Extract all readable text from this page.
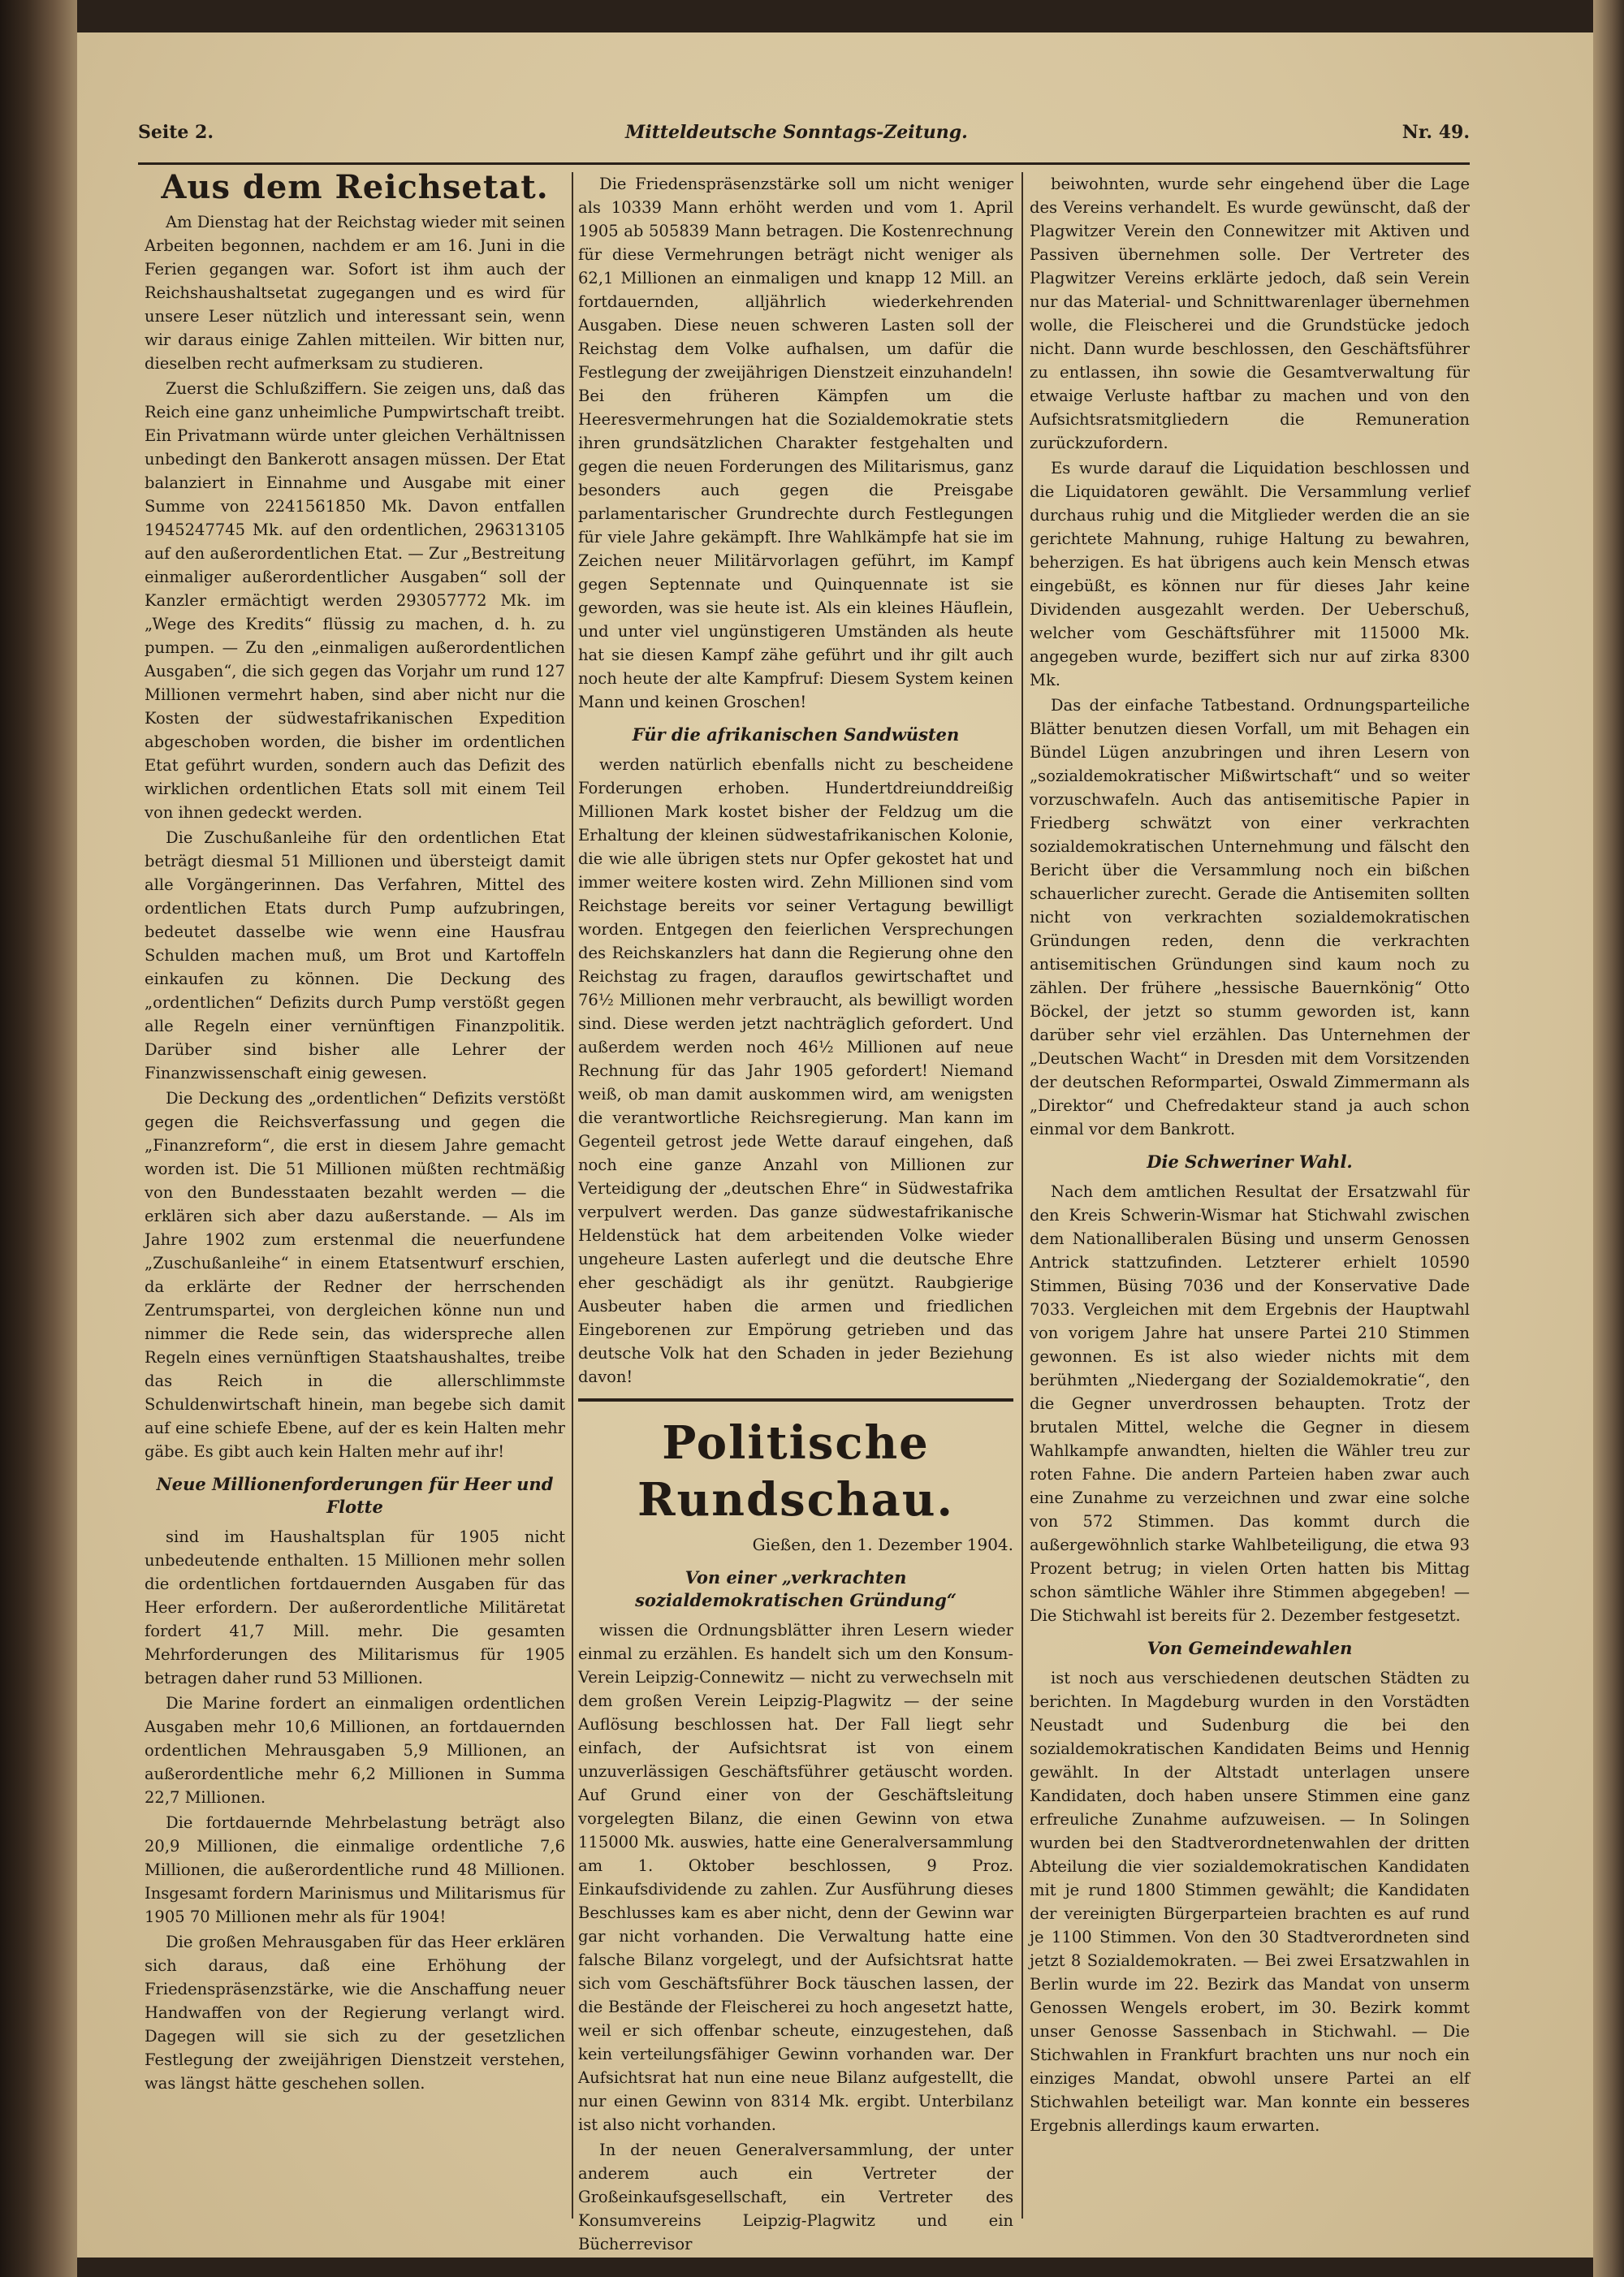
Seite 2.	Mitteldeutsche Sonntags-Zeitung.	Nr. 49.
Aus dem Reichsetat.

Am Dienstag hat der Reichstag wieder mit seinen Arbeiten begonnen, nachdem er am 16. Juni in die Ferien gegangen war. Sofort ist ihm auch der Reichshaushaltsetat zugegangen und es wird für unsere Leser nützlich und interessant sein, wenn wir daraus einige Zahlen mitteilen. Wir bitten nur, dieselben recht aufmerksam zu studieren.

Zuerst die Schlußziffern. Sie zeigen uns, daß das Reich eine ganz unheimliche Pumpwirtschaft treibt. Ein Privatmann würde unter gleichen Verhältnissen unbedingt den Bankerott ansagen müssen. Der Etat balanziert in Einnahme und Ausgabe mit einer Summe von 2241561850 Mk. Davon entfallen 1945247745 Mk. auf den ordentlichen, 296313105 auf den außerordentlichen Etat. — Zur „Bestreitung einmaliger außerordentlicher Ausgaben“ soll der Kanzler ermächtigt werden 293057772 Mk. im „Wege des Kredits“ flüssig zu machen, d. h. zu pumpen. — Zu den „einmaligen außerordentlichen Ausgaben“, die sich gegen das Vorjahr um rund 127 Millionen vermehrt haben, sind aber nicht nur die Kosten der südwestafrikanischen Expedition abgeschoben worden, die bisher im ordentlichen Etat geführt wurden, sondern auch das Defizit des wirklichen ordentlichen Etats soll mit einem Teil von ihnen gedeckt werden.

Die Zuschußanleihe für den ordentlichen Etat beträgt diesmal 51 Millionen und übersteigt damit alle Vorgängerinnen. Das Verfahren, Mittel des ordentlichen Etats durch Pump aufzubringen, bedeutet dasselbe wie wenn eine Hausfrau Schulden machen muß, um Brot und Kartoffeln einkaufen zu können. Die Deckung des „ordentlichen“ Defizits durch Pump verstößt gegen alle Regeln einer vernünftigen Finanzpolitik. Darüber sind bisher alle Lehrer der Finanzwissenschaft einig gewesen.

Die Deckung des „ordentlichen“ Defizits verstößt gegen die Reichsverfassung und gegen die „Finanzreform“, die erst in diesem Jahre gemacht worden ist. Die 51 Millionen müßten rechtmäßig von den Bundesstaaten bezahlt werden — die erklären sich aber dazu außerstande. — Als im Jahre 1902 zum erstenmal die neuerfundene „Zuschußanleihe“ in einem Etatsentwurf erschien, da erklärte der Redner der herrschenden Zentrumspartei, von dergleichen könne nun und nimmer die Rede sein, das widerspreche allen Regeln eines vernünftigen Staatshaushaltes, treibe das Reich in die allerschlimmste Schuldenwirtschaft hinein, man begebe sich damit auf eine schiefe Ebene, auf der es kein Halten mehr gäbe. Es gibt auch kein Halten mehr auf ihr!

Neue Millionenforderungen für Heer und Flotte

sind im Haushaltsplan für 1905 nicht unbedeutende enthalten. 15 Millionen mehr sollen die ordentlichen fortdauernden Ausgaben für das Heer erfordern. Der außerordentliche Militäretat fordert 41,7 Mill. mehr. Die gesamten Mehrforderungen des Militarismus für 1905 betragen daher rund 53 Millionen.

Die Marine fordert an einmaligen ordentlichen Ausgaben mehr 10,6 Millionen, an fortdauernden ordentlichen Mehrausgaben 5,9 Millionen, an außerordentliche mehr 6,2 Millionen in Summa 22,7 Millionen.

Die fortdauernde Mehrbelastung beträgt also 20,9 Millionen, die einmalige ordentliche 7,6 Millionen, die außerordentliche rund 48 Millionen. Insgesamt fordern Marinismus und Militarismus für 1905 70 Millionen mehr als für 1904!

Die großen Mehrausgaben für das Heer erklären sich daraus, daß eine Erhöhung der Friedenspräsenzstärke, wie die Anschaffung neuer Handwaffen von der Regierung verlangt wird. Dagegen will sie sich zu der gesetzlichen Festlegung der zweijährigen Dienstzeit verstehen, was längst hätte geschehen sollen.

Die Friedenspräsenzstärke soll um nicht weniger als 10339 Mann erhöht werden und vom 1. April 1905 ab 505839 Mann betragen. Die Kostenrechnung für diese Vermehrungen beträgt nicht weniger als 62,1 Millionen an einmaligen und knapp 12 Mill. an fortdauernden, alljährlich wiederkehrenden Ausgaben. Diese neuen schweren Lasten soll der Reichstag dem Volke aufhalsen, um dafür die Festlegung der zweijährigen Dienstzeit einzuhandeln! Bei den früheren Kämpfen um die Heeresvermehrungen hat die Sozialdemokratie stets ihren grundsätzlichen Charakter festgehalten und gegen die neuen Forderungen des Militarismus, ganz besonders auch gegen die Preisgabe parlamentarischer Grundrechte durch Festlegungen für viele Jahre gekämpft. Ihre Wahlkämpfe hat sie im Zeichen neuer Militärvorlagen geführt, im Kampf gegen Septennate und Quinquennate ist sie geworden, was sie heute ist. Als ein kleines Häuflein, und unter viel ungünstigeren Umständen als heute hat sie diesen Kampf zähe geführt und ihr gilt auch noch heute der alte Kampfruf: Diesem System keinen Mann und keinen Groschen!

Für die afrikanischen Sandwüsten

werden natürlich ebenfalls nicht zu bescheidene Forderungen erhoben. Hundertdreiunddreißig Millionen Mark kostet bisher der Feldzug um die Erhaltung der kleinen südwestafrikanischen Kolonie, die wie alle übrigen stets nur Opfer gekostet hat und immer weitere kosten wird. Zehn Millionen sind vom Reichstage bereits vor seiner Vertagung bewilligt worden. Entgegen den feierlichen Versprechungen des Reichskanzlers hat dann die Regierung ohne den Reichstag zu fragen, darauflos gewirtschaftet und 76½ Millionen mehr verbraucht, als bewilligt worden sind. Diese werden jetzt nachträglich gefordert. Und außerdem werden noch 46½ Millionen auf neue Rechnung für das Jahr 1905 gefordert! Niemand weiß, ob man damit auskommen wird, am wenigsten die verantwortliche Reichsregierung. Man kann im Gegenteil getrost jede Wette darauf eingehen, daß noch eine ganze Anzahl von Millionen zur Verteidigung der „deutschen Ehre“ in Südwestafrika verpulvert werden. Das ganze südwestafrikanische Heldenstück hat dem arbeitenden Volke wieder ungeheure Lasten auferlegt und die deutsche Ehre eher geschädigt als ihr genützt. Raubgierige Ausbeuter haben die armen und friedlichen Eingeborenen zur Empörung getrieben und das deutsche Volk hat den Schaden in jeder Beziehung davon!

Politische Rundschau.
Gießen, den 1. Dezember 1904.
Von einer „verkrachten sozialdemokratischen Gründung“

wissen die Ordnungsblätter ihren Lesern wieder einmal zu erzählen. Es handelt sich um den Konsum-Verein Leipzig-Connewitz — nicht zu verwechseln mit dem großen Verein Leipzig-Plagwitz — der seine Auflösung beschlossen hat. Der Fall liegt sehr einfach, der Aufsichtsrat ist von einem unzuverlässigen Geschäftsführer getäuscht worden. Auf Grund einer von der Geschäftsleitung vorgelegten Bilanz, die einen Gewinn von etwa 115000 Mk. auswies, hatte eine Generalversammlung am 1. Oktober beschlossen, 9 Proz. Einkaufsdividende zu zahlen. Zur Ausführung dieses Beschlusses kam es aber nicht, denn der Gewinn war gar nicht vorhanden. Die Verwaltung hatte eine falsche Bilanz vorgelegt, und der Aufsichtsrat hatte sich vom Geschäftsführer Bock täuschen lassen, der die Bestände der Fleischerei zu hoch angesetzt hatte, weil er sich offenbar scheute, einzugestehen, daß kein verteilungsfähiger Gewinn vorhanden war. Der Aufsichtsrat hat nun eine neue Bilanz aufgestellt, die nur einen Gewinn von 8314 Mk. ergibt. Unterbilanz ist also nicht vorhanden.

In der neuen Generalversammlung, der unter anderem auch ein Vertreter der Großeinkaufsgesellschaft, ein Vertreter des Konsumvereins Leipzig-Plagwitz und ein Bücherrevisor

beiwohnten, wurde sehr eingehend über die Lage des Vereins verhandelt. Es wurde gewünscht, daß der Plagwitzer Verein den Connewitzer mit Aktiven und Passiven übernehmen solle. Der Vertreter des Plagwitzer Vereins erklärte jedoch, daß sein Verein nur das Material- und Schnittwarenlager übernehmen wolle, die Fleischerei und die Grundstücke jedoch nicht. Dann wurde beschlossen, den Geschäftsführer zu entlassen, ihn sowie die Gesamtverwaltung für etwaige Verluste haftbar zu machen und von den Aufsichtsratsmitgliedern die Remuneration zurückzufordern.

Es wurde darauf die Liquidation beschlossen und die Liquidatoren gewählt. Die Versammlung verlief durchaus ruhig und die Mitglieder werden die an sie gerichtete Mahnung, ruhige Haltung zu bewahren, beherzigen. Es hat übrigens auch kein Mensch etwas eingebüßt, es können nur für dieses Jahr keine Dividenden ausgezahlt werden. Der Ueberschuß, welcher vom Geschäftsführer mit 115000 Mk. angegeben wurde, beziffert sich nur auf zirka 8300 Mk.

Das der einfache Tatbestand. Ordnungsparteiliche Blätter benutzen diesen Vorfall, um mit Behagen ein Bündel Lügen anzubringen und ihren Lesern von „sozialdemokratischer Mißwirtschaft“ und so weiter vorzuschwafeln. Auch das antisemitische Papier in Friedberg schwätzt von einer verkrachten sozialdemokratischen Unternehmung und fälscht den Bericht über die Versammlung noch ein bißchen schauerlicher zurecht. Gerade die Antisemiten sollten nicht von verkrachten sozialdemokratischen Gründungen reden, denn die verkrachten antisemitischen Gründungen sind kaum noch zu zählen. Der frühere „hessische Bauernkönig“ Otto Böckel, der jetzt so stumm geworden ist, kann darüber sehr viel erzählen. Das Unternehmen der „Deutschen Wacht“ in Dresden mit dem Vorsitzenden der deutschen Reformpartei, Oswald Zimmermann als „Direktor“ und Chefredakteur stand ja auch schon einmal vor dem Bankrott.

Die Schweriner Wahl.

Nach dem amtlichen Resultat der Ersatzwahl für den Kreis Schwerin-Wismar hat Stichwahl zwischen dem Nationalliberalen Büsing und unserm Genossen Antrick stattzufinden. Letzterer erhielt 10590 Stimmen, Büsing 7036 und der Konservative Dade 7033. Vergleichen mit dem Ergebnis der Hauptwahl von vorigem Jahre hat unsere Partei 210 Stimmen gewonnen. Es ist also wieder nichts mit dem berühmten „Niedergang der Sozialdemokratie“, den die Gegner unverdrossen behaupten. Trotz der brutalen Mittel, welche die Gegner in diesem Wahlkampfe anwandten, hielten die Wähler treu zur roten Fahne. Die andern Parteien haben zwar auch eine Zunahme zu verzeichnen und zwar eine solche von 572 Stimmen. Das kommt durch die außergewöhnlich starke Wahlbeteiligung, die etwa 93 Prozent betrug; in vielen Orten hatten bis Mittag schon sämtliche Wähler ihre Stimmen abgegeben! — Die Stichwahl ist bereits für 2. Dezember festgesetzt.

Von Gemeindewahlen

ist noch aus verschiedenen deutschen Städten zu berichten. In Magdeburg wurden in den Vorstädten Neustadt und Sudenburg die bei den sozialdemokratischen Kandidaten Beims und Hennig gewählt. In der Altstadt unterlagen unsere Kandidaten, doch haben unsere Stimmen eine ganz erfreuliche Zunahme aufzuweisen. — In Solingen wurden bei den Stadtverordnetenwahlen der dritten Abteilung die vier sozialdemokratischen Kandidaten mit je rund 1800 Stimmen gewählt; die Kandidaten der vereinigten Bürgerparteien brachten es auf rund je 1100 Stimmen. Von den 30 Stadtverordneten sind jetzt 8 Sozialdemokraten. — Bei zwei Ersatzwahlen in Berlin wurde im 22. Bezirk das Mandat von unserm Genossen Wengels erobert, im 30. Bezirk kommt unser Genosse Sassenbach in Stichwahl. — Die Stichwahlen in Frankfurt brachten uns nur noch ein einziges Mandat, obwohl unsere Partei an elf Stichwahlen beteiligt war. Man konnte ein besseres Ergebnis allerdings kaum erwarten.
